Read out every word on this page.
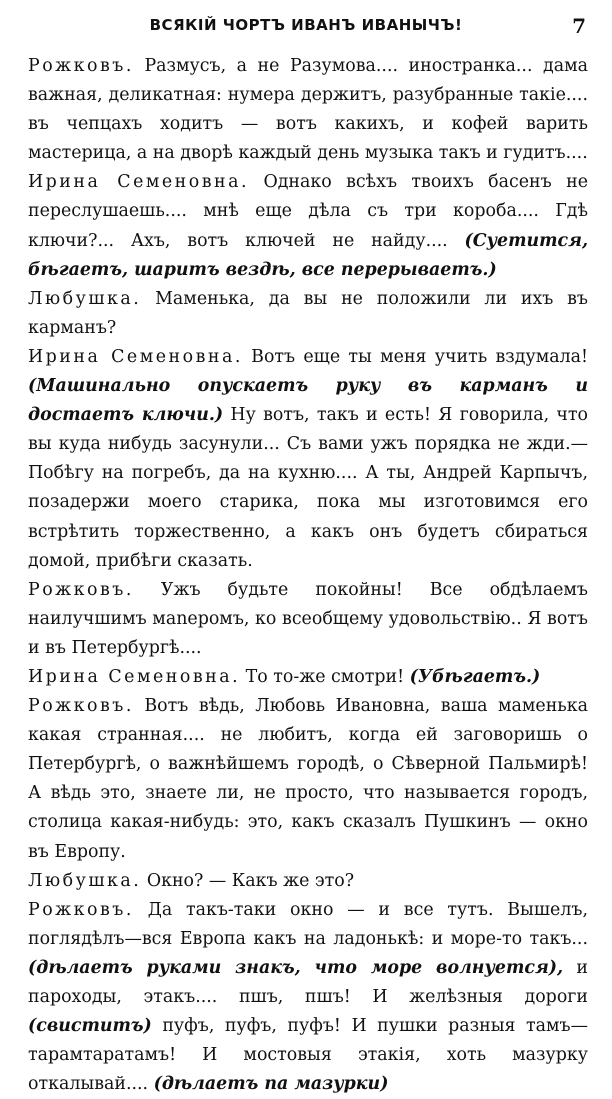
ВСЯКІЙ ЧОРТЪ ИВАНЪ ИВАНЫЧЪ!	7

Рожковъ. Размусъ, а не Разумова.... иностранка... дама важная, деликатная: нумера держитъ, разубранные такіе.... въ чепцахъ ходитъ — вотъ какихъ, и кофей варить мастерица, а на дворѣ каждый день музыка такъ и гудитъ....

Ирина Семеновна. Однако всѣхъ твоихъ басенъ не переслушаешь.... мнѣ еще дѣла съ три короба.... Гдѣ ключи?... Ахъ, вотъ ключей не найду.... (Суетится, бѣгаетъ, шаритъ вездѣ, все перерываетъ.)

Любушка. Маменька, да вы не положили ли ихъ въ карманъ?

Ирина Семеновна. Вотъ еще ты меня учить вздумала! (Машинально опускаетъ руку въ карманъ и достаетъ ключи.) Ну вотъ, такъ и есть! Я говорила, что вы куда нибудь засунули... Съ вами ужъ порядка не жди.—Побѣгу на погребъ, да на кухню.... А ты, Андрей Карпычъ, позадержи моего старика, пока мы изготовимся его встрѣтить торжественно, а какъ онъ будетъ сбираться домой, прибѣги сказать.

Рожковъ. Ужъ будьте покойны! Все обдѣлаемъ наилучшимъ маneромъ, ко всеобщему удовольствію.. Я вотъ и въ Петербургѣ....

Ирина Семеновна. То то-же смотри! (Убѣгаетъ.)

Рожковъ. Вотъ вѣдь, Любовь Ивановна, ваша маменька какая странная.... не любитъ, когда ей заговоришь о Петербургѣ, о важнѣйшемъ городѣ, о Сѣверной Пальмирѣ! А вѣдь это, знаете ли, не просто, что называется городъ, столица какая-нибудь: это, какъ сказалъ Пушкинъ — окно въ Европу.

Любушка. Окно? — Какъ же это?

Рожковъ. Да такъ-таки окно — и все тутъ. Вышелъ, поглядѣлъ—вся Европа какъ на ладонькѣ: и море-то такъ... (дѣлаетъ руками знакъ, что море волнуется), и пароходы, этакъ.... пшъ, пшъ! И желѣзныя дороги (свиститъ) пуфъ, пуфъ, пуфъ! И пушки разныя тамъ—тарамтаратамъ! И мостовыя этакія, хоть мазурку откалывай.... (дѣлаетъ па мазурки)
